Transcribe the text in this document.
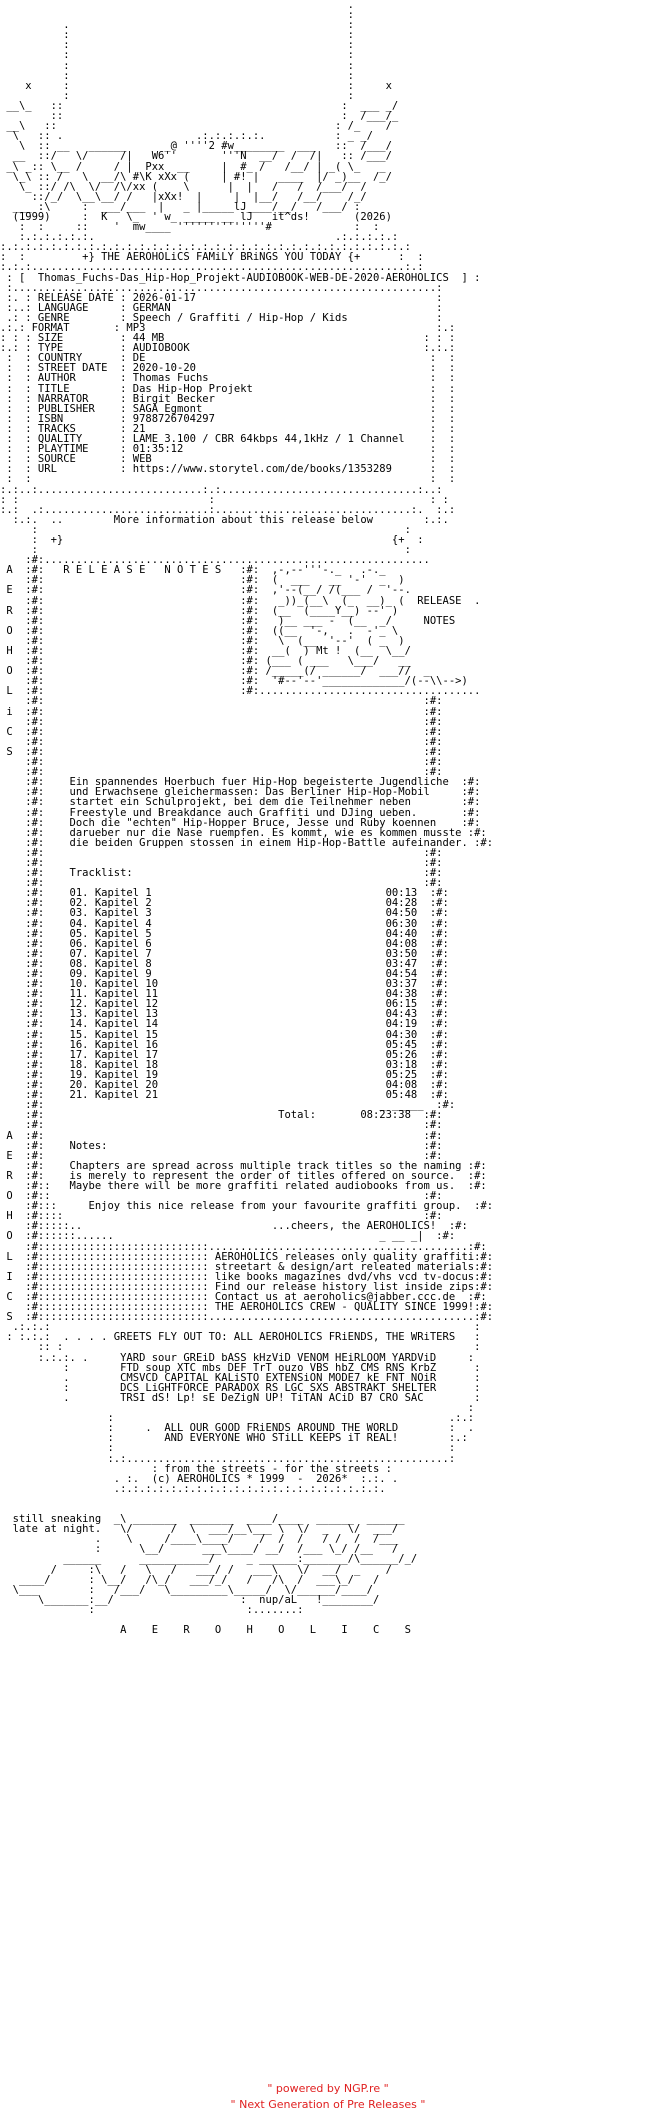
.
:
.                                            :
:                                            :
:                                            :
:                                            :
:                                            :
:                                            :
x     :                                            :     x
:                                            :
__\_   ::                                            :  ___ _/
::                                            :  /___/_
__\   ::                                            : /_    /
\   :: .                     .:.:.:.:.:.           : _ _/
\  :: __   ______      _@ ''''2 #w________  ___   ::  /___/
__  ::/   \/     /|   W6''       '''N  __/  /  /|   :: /___/
_\ _:: \__ /     / |  Pxx  __     |  #_ /   /__/ | _( \_   _
\_\ :: /   \  __/\ #\K xXx (     | #! |   ____  |/ _)__  /_/
\_ ::/ /\  \/  /\/xx (    \      |  |   /   /  /___/  /
::/_/  \__\__/ /   |xXx!  |     |  |__/   /__/    /_/
___ :\     :  ___/___  |   _ |_____lJ____/__/   /___/ :
(1999)     :  K   \_  ' w_ _____ __ lJ   it^ds!       (2026)
:  :     ::    '  mw____ ''''''''''''''#             :  :
:.:.:.:.:.:.                                      .:.:.:.:.:
:.:.:.:.:.:.:.:.:.:.:.:.:.:.:.:.:.:.:.:.:.:.:.:.:.:.:.:.:.:.:.:.:
:  :         +} THE AEROHOLiCS FAMiLY BRiNGS YOU TODAY {+      :  :
:.:.:...........................................................:.:
: [  Thomas_Fuchs-Das_Hip-Hop_Projekt-AUDIOBOOK-WEB-DE-2020-AEROHOLICS  ] :
:...................................................................:
:. : RELEASE DATE : 2026-01-17                                      :
:..: LANGUAGE     : GERMAN                                          :
.: : GENRE        : Speech / Graffiti / Hip-Hop / Kids              :
.:.: FORMAT       : MP3                                              :.:
: : : SIZE         : 44 MB                                         : : :
:.: : TYPE         : AUDIOBOOK                                     :.:.:
:  : COUNTRY      : DE                                             :  :
:  : STREET DATE  : 2020-10-20                                     :  :
:  : AUTHOR       : Thomas Fuchs                                   :  :
:  : TITLE        : Das Hip-Hop Projekt                            :  :
:  : NARRATOR     : Birgit Becker                                  :  :
:  : PUBLISHER    : SAGA Egmont                                    :  :
:  : ISBN         : 9788726704297                                  :  :
:  : TRACKS       : 21                                             :  :
:  : QUALITY      : LAME 3.100 / CBR 64kbps 44,1kHz / 1 Channel    :  :
:  : PLAYTIME     : 01:35:12                                       :  :
:  : SOURCE       : WEB                                            :  :
:  : URL          : https://www.storytel.com/de/books/1353289      :  :
:  :                                                               :  :
:.:..:..........................:.:...............................:..:
: :                              :                                  : :
:.:  .:..........................:...............................:.  :.:
:.:.  ..        More information about this release below        :.:.
:                                                          :
:  +}                                                    {+  :
:                                                          :
:#:.............................................................
A  :#:   R E L E A S E   N O T E S   :#:  ,-,--'''-._   .-._
:#:                               :#:  (  ___   __ '-'  _  )
E  :#:                               :#:  ,'--(__/ /(___ /  '--.
:#:                               :#:   _))_(__\  (_  __)_ (  RELEASE  .
R  :#:                               :#:  (__  (____Y__) --' )
:#:                               :#:   )__ ___ -  (__  _/     NOTES
O  :#:                               :#:  ((__  '-,   .  -'_ \
:#:                               :#:   \  (__  '--'  ( _  )
H  :#:                               :#:  __(  ) Mt !  (__  \__/
:#:                               :#: (___ ( ___   \___/   __
O  :#:                               :#: /_____(/ ______/  ___//  _
:#:                               :#:  '#--'--'_____________/(--\\-->)
L  :#:                               :#:...................................
:#:                                                            :#:
i  :#:                                                            :#:
:#:                                                            :#:
C  :#:                                                            :#:
:#:                                                            :#:
S  :#:                                                            :#:
:#:                                                            :#:
:#:                                                            :#:
:#:    Ein spannendes Hoerbuch fuer Hip-Hop begeisterte Jugendliche  :#:
:#:    und Erwachsene gleichermassen: Das Berliner Hip-Hop-Mobil     :#:
:#:    startet ein Schulprojekt, bei dem die Teilnehmer neben        :#:
:#:    Freestyle und Breakdance auch Graffiti und DJing ueben.       :#:
:#:    Doch die "echten" Hip-Hopper Bruce, Jesse und Ruby koennen    :#:
:#:    darueber nur die Nase ruempfen. Es kommt, wie es kommen musste :#:
:#:    die beiden Gruppen stossen in einem Hip-Hop-Battle aufeinander. :#:
:#:                                                            :#:
:#:                                                            :#:
:#:    Tracklist:                                              :#:
:#:                                                            :#:
:#:    01. Kapitel 1                                     00:13  :#:
:#:    02. Kapitel 2                                     04:28  :#:
:#:    03. Kapitel 3                                     04:50  :#:
:#:    04. Kapitel 4                                     06:30  :#:
:#:    05. Kapitel 5                                     04:40  :#:
:#:    06. Kapitel 6                                     04:08  :#:
:#:    07. Kapitel 7                                     03:50  :#:
:#:    08. Kapitel 8                                     03:47  :#:
:#:    09. Kapitel 9                                     04:54  :#:
:#:    10. Kapitel 10                                    03:37  :#:
:#:    11. Kapitel 11                                    04:38  :#:
:#:    12. Kapitel 12                                    06:15  :#:
:#:    13. Kapitel 13                                    04:43  :#:
:#:    14. Kapitel 14                                    04:19  :#:
:#:    15. Kapitel 15                                    04:30  :#:
:#:    16. Kapitel 16                                    05:45  :#:
:#:    17. Kapitel 17                                    05:26  :#:
:#:    18. Kapitel 18                                    03:18  :#:
:#:    19. Kapitel 19                                    05:25  :#:
:#:    20. Kapitel 20                                    04:08  :#:
:#:    21. Kapitel 21                                    05:48  :#:
:#:                                                     _ _____  :#:
:#:                                     Total:       08:23:38  :#:
:#:                                                            :#:
A  :#:                                                            :#:
:#:    Notes:                                                  :#:
E  :#:                                                            :#:
:#:    Chapters are spread across multiple track titles so the naming :#:
R  :#:    is merely to represent the order of titles offered on source.  :#:
:#::   Maybe there will be more graffiti related audiobooks from us.  :#:
O  :#::                                                           :#:
:#:::     Enjoy this nice release from your favourite graffiti group.  :#:
H  :#::::                                                         :#:
:#:::::..                              ...cheers, the AEROHOLICS!  :#:
O  :#::::::......                                          _ __ _|  :#:
:#:::::::::::::::::::::::::::.........................................:#:
L  :#::::::::::::::::::::::::::: AEROHOLICS releases only quality graffiti:#:
:#::::::::::::::::::::::::::: streetart & design/art releated materials:#:
I  :#::::::::::::::::::::::::::: like books magazines dvd/vhs vcd tv-docus:#:
:#::::::::::::::::::::::::::: Find our release history list inside zips:#:
C  :#::::::::::::::::::::::::::: Contact us at aeroholics@jabber.ccc.de  :#:
:#::::::::::::::::::::::::::: THE AEROHOLICS CREW - QUALITY SINCE 1999!:#:
S  :#:::::::::::::::::::::::::::..........................................:#:
.:.:.:                                                                   :
: :.:.:  . . . . GREETS FLY OUT TO: ALL AEROHOLICS FRiENDS, THE WRiTERS   :
:: :                                                                 :
:.:.:. .     YARD sour GREiD bASS kHzViD VENOM HEiRLOOM YARDViD     :
:        FTD soup XTC mbs DEF TrT ouzo VBS hbZ CMS RNS KrbZ      :
.        CMSVCD CAPITAL KALiSTO EXTENSiON MODE7 kE FNT NOiR      :
:        DCS LiGHTFORCE PARADOX RS LGC SXS ABSTRAKT SHELTER      :
.        TRSI dS! Lp! sE DeZigN UP! TiTAN ACiD B7 CRO SAC        :
:
:                                                     .:.:
:     .  ALL OUR GOOD FRiENDS AROUND THE WORLD        :  .
:        AND EVERYONE WHO STiLL KEEPS iT REAL!        :.:
:                                                     :
:.:...................................................:
: from the streets - for the streets :
. :.  (c) AEROHOLICS * 1999  -  2026*  :.:. .
.:.:.:.:.:.:.:.:.:.:.:.:.:.:.:.:.:.:.:.:.:.

still sneaking  _\ _______  _______  ____/____  ______  ______
late at night.   \/      /  \  ___/__\___ \  \/  _   \/  ___/
.    \     /____\____/    /  /  /   / /  /  /___
:      \__/      ___\____/ __/  /___ \_/ /__   /
______      ___________/     _ ______:_______/\______/_/
/     :\   /   \   /   ___/ /   ___\   \/  __/  _    /
____/      : \__/   /\_/   ___/_/   /   /\  /  ___\_/   /
\___        :   /___/   \_________\_____/  \/______/____/
\_______:__/                    :  nup/aL   !________/
:                        :.......:

A    E    R    O    H    O    L    I    C    S

" powered by NGP.re "
" Next Generation of Pre Releases "
